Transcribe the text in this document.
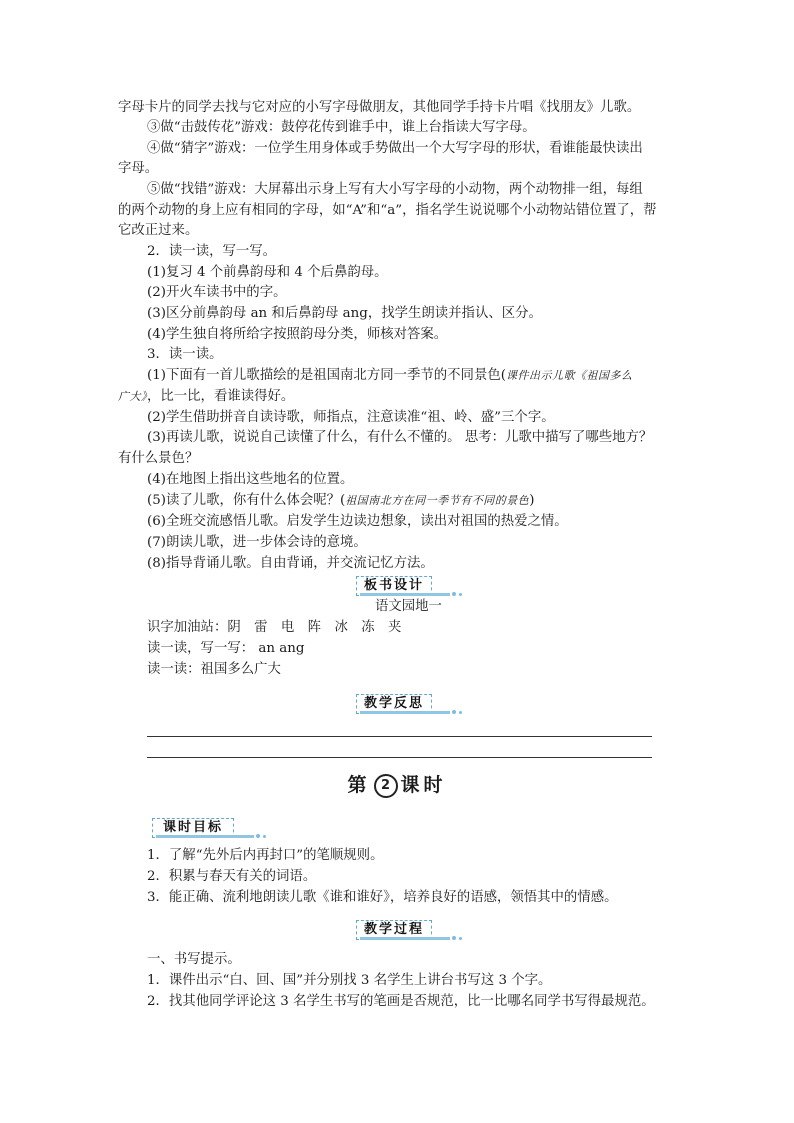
字母卡片的同学去找与它对应的小写字母做朋友，其他同学手持卡片唱《找朋友》儿歌。
③做“击鼓传花”游戏：鼓停花传到谁手中，谁上台指读大写字母。
④做“猜字”游戏：一位学生用身体或手势做出一个大写字母的形状，看谁能最快读出
字母。
⑤做“找错”游戏：大屏幕出示身上写有大小写字母的小动物，两个动物排一组，每组
的两个动物的身上应有相同的字母，如“A”和“a”，指名学生说说哪个小动物站错位置了，帮
它改正过来。
2．读一读，写一写。
(1)复习 4 个前鼻韵母和 4 个后鼻韵母。
(2)开火车读书中的字。
(3)区分前鼻韵母 an 和后鼻韵母 ang，找学生朗读并指认、区分。
(4)学生独自将所给字按照韵母分类，师核对答案。
3．读一读。
(1)下面有一首儿歌描绘的是祖国南北方同一季节的不同景色(课件出示儿歌《祖国多么
广大》，比一比，看谁读得好。
(2)学生借助拼音自读诗歌，师指点，注意读准“祖、岭、盛”三个字。
(3)再读儿歌，说说自己读懂了什么，有什么不懂的。 思考：儿歌中描写了哪些地方？
有什么景色？
(4)在地图上指出这些地名的位置。
(5)读了儿歌，你有什么体会呢？(祖国南北方在同一季节有不同的景色)
(6)全班交流感悟儿歌。启发学生边读边想象，读出对祖国的热爱之情。
(7)朗读儿歌，进一步体会诗的意境。
(8)指导背诵儿歌。自由背诵，并交流记忆方法。
板书设计
语文园地一
识字加油站：阴　雷　电　阵　冰　冻　夹
读一读，写一写： an ang
读一读：祖国多么广大
教学反思
第 2 课时
课时目标
1．了解“先外后内再封口”的笔顺规则。
2．积累与春天有关的词语。
3．能正确、流利地朗读儿歌《谁和谁好》，培养良好的语感，领悟其中的情感。
教学过程
一、书写提示。
1．课件出示“白、回、国”并分别找 3 名学生上讲台书写这 3 个字。
2．找其他同学评论这 3 名学生书写的笔画是否规范，比一比哪名同学书写得最规范。
